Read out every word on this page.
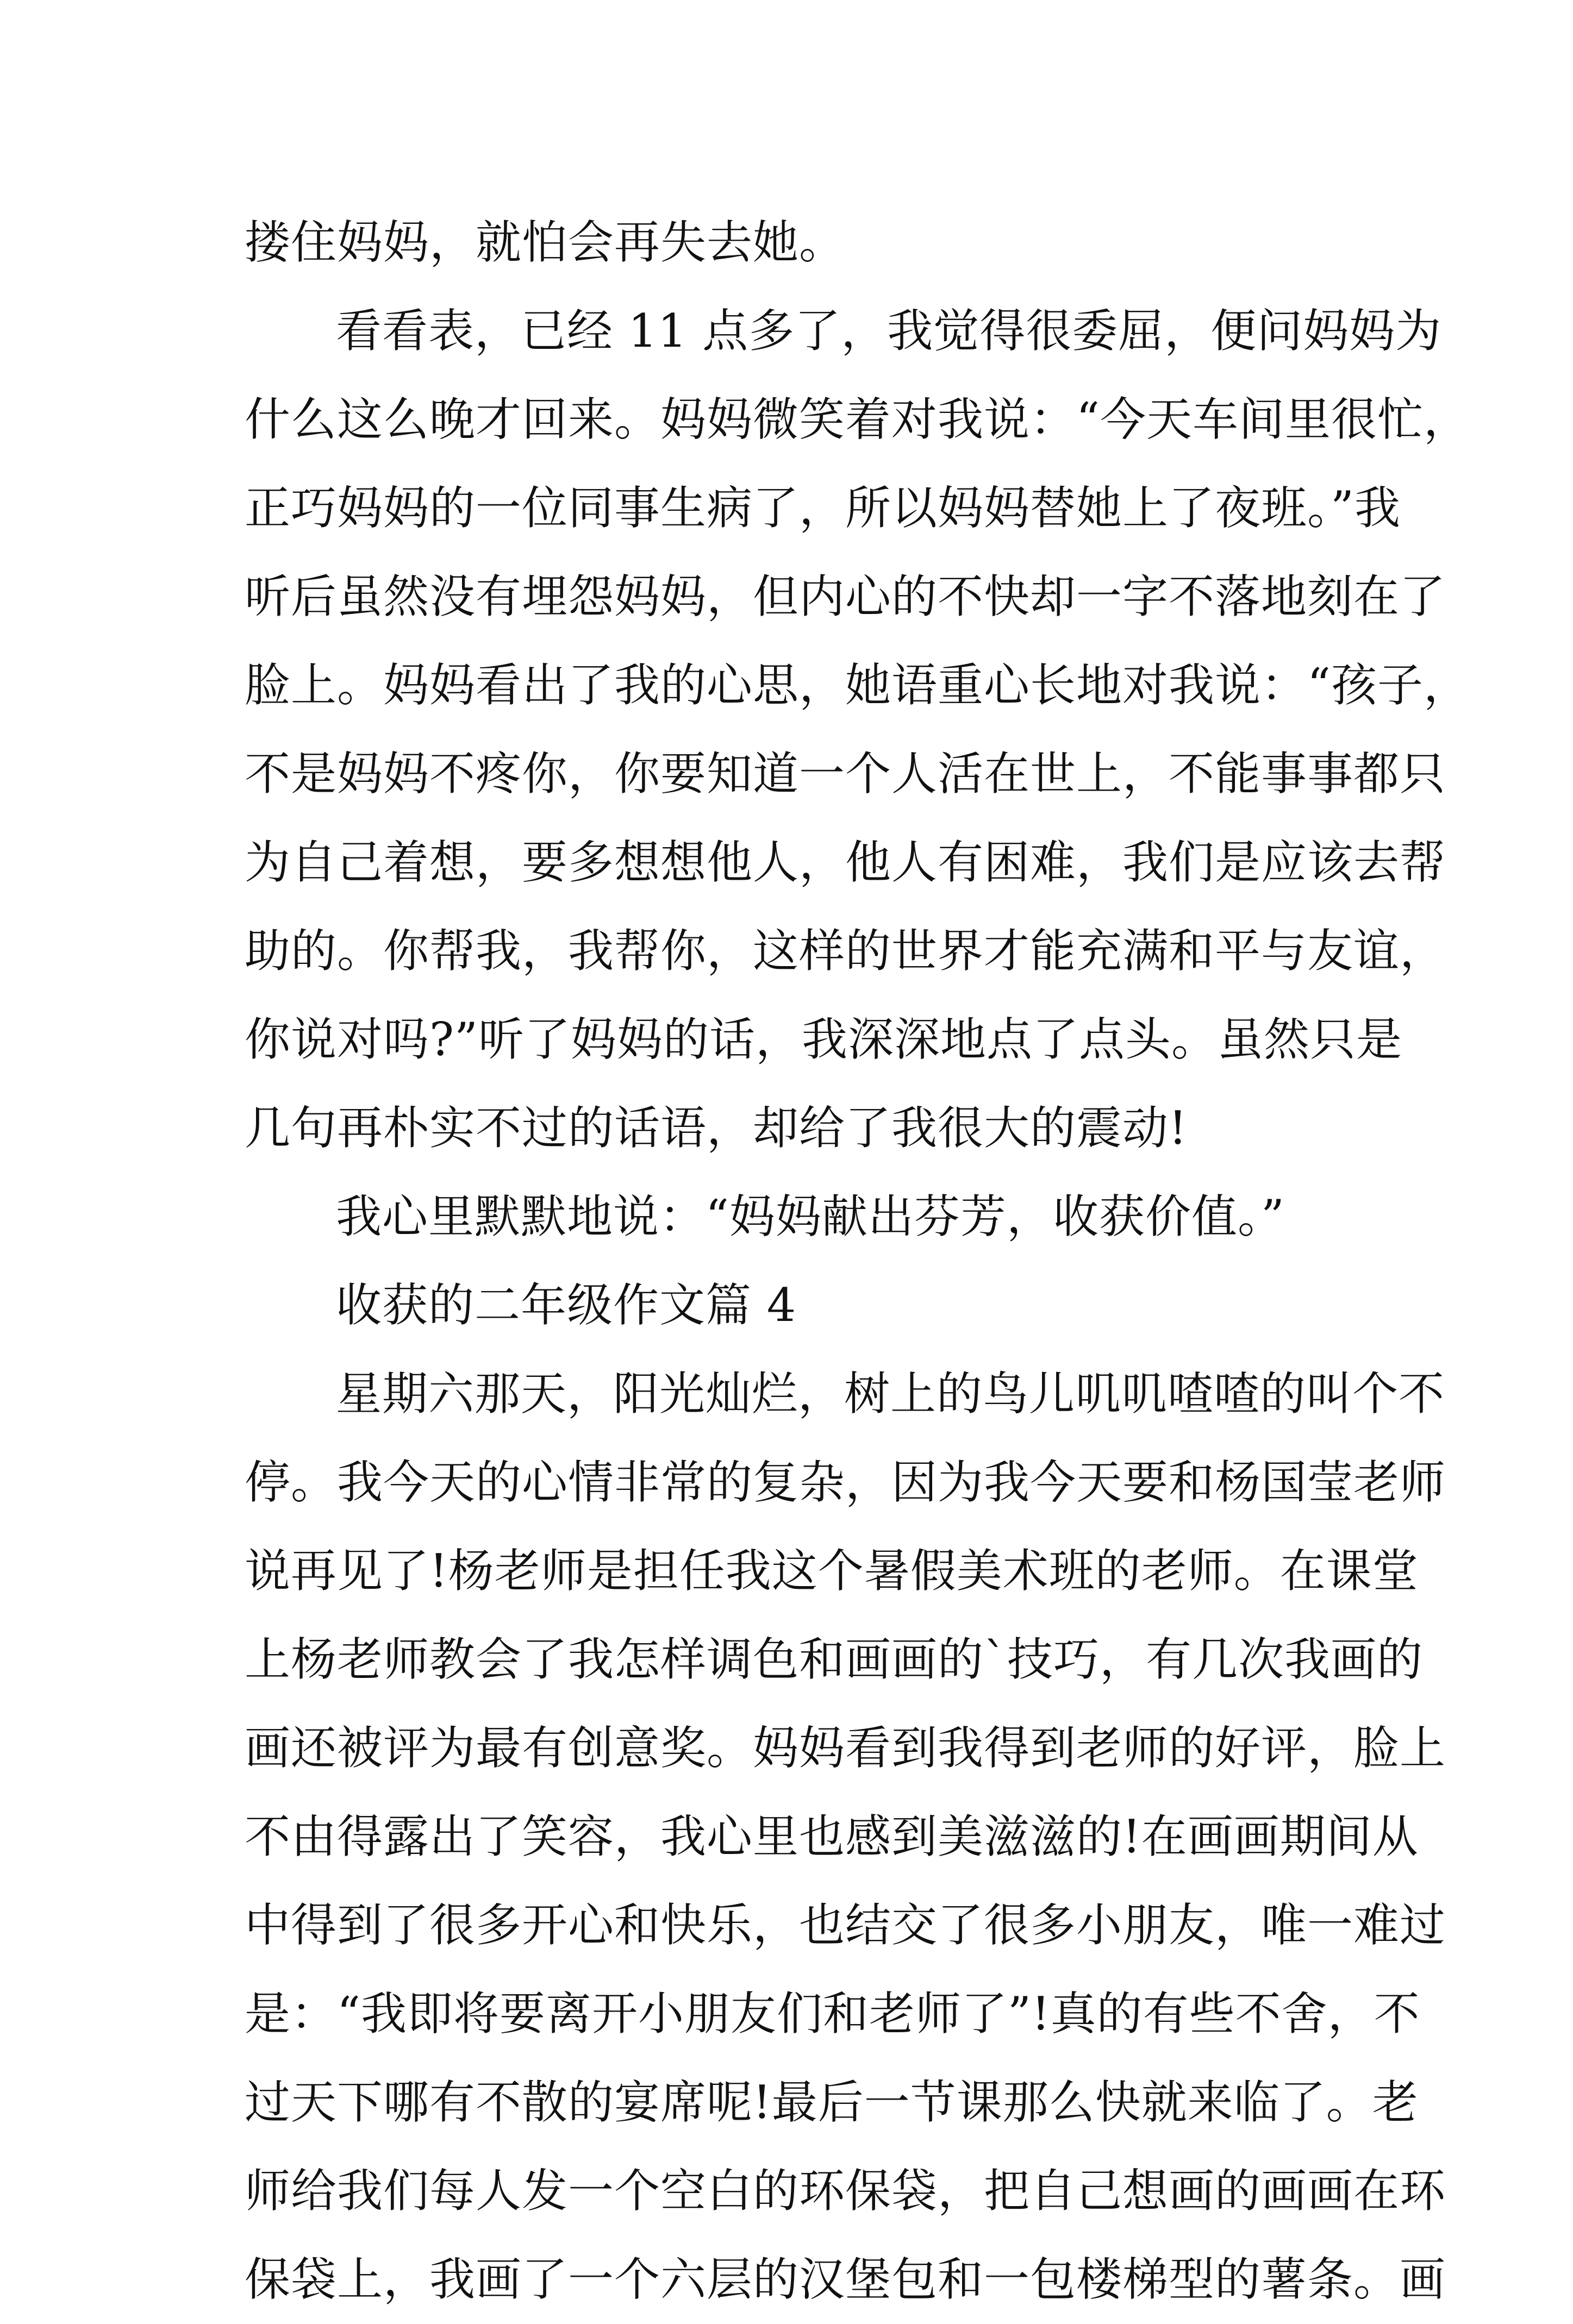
搂住妈妈，就怕会再失去她。
看看表，已经 11 点多了，我觉得很委屈，便问妈妈为
什么这么晚才回来。妈妈微笑着对我说：“今天车间里很忙，
正巧妈妈的一位同事生病了，所以妈妈替她上了夜班。”我
听后虽然没有埋怨妈妈，但内心的不快却一字不落地刻在了
脸上。妈妈看出了我的心思，她语重心长地对我说：“孩子，
不是妈妈不疼你，你要知道一个人活在世上，不能事事都只
为自己着想，要多想想他人，他人有困难，我们是应该去帮
助的。你帮我，我帮你，这样的世界才能充满和平与友谊，
你说对吗?”听了妈妈的话，我深深地点了点头。虽然只是
几句再朴实不过的话语，却给了我很大的震动!
我心里默默地说：“妈妈献出芬芳，收获价值。”
收获的二年级作文篇 4
星期六那天，阳光灿烂，树上的鸟儿叽叽喳喳的叫个不
停。我今天的心情非常的复杂，因为我今天要和杨国莹老师
说再见了!杨老师是担任我这个暑假美术班的老师。在课堂
上杨老师教会了我怎样调色和画画的`技巧，有几次我画的
画还被评为最有创意奖。妈妈看到我得到老师的好评，脸上
不由得露出了笑容，我心里也感到美滋滋的!在画画期间从
中得到了很多开心和快乐，也结交了很多小朋友，唯一难过
是：“我即将要离开小朋友们和老师了”!真的有些不舍，不
过天下哪有不散的宴席呢!最后一节课那么快就来临了。老
师给我们每人发一个空白的环保袋，把自己想画的画画在环
保袋上，我画了一个六层的汉堡包和一包楼梯型的薯条。画
